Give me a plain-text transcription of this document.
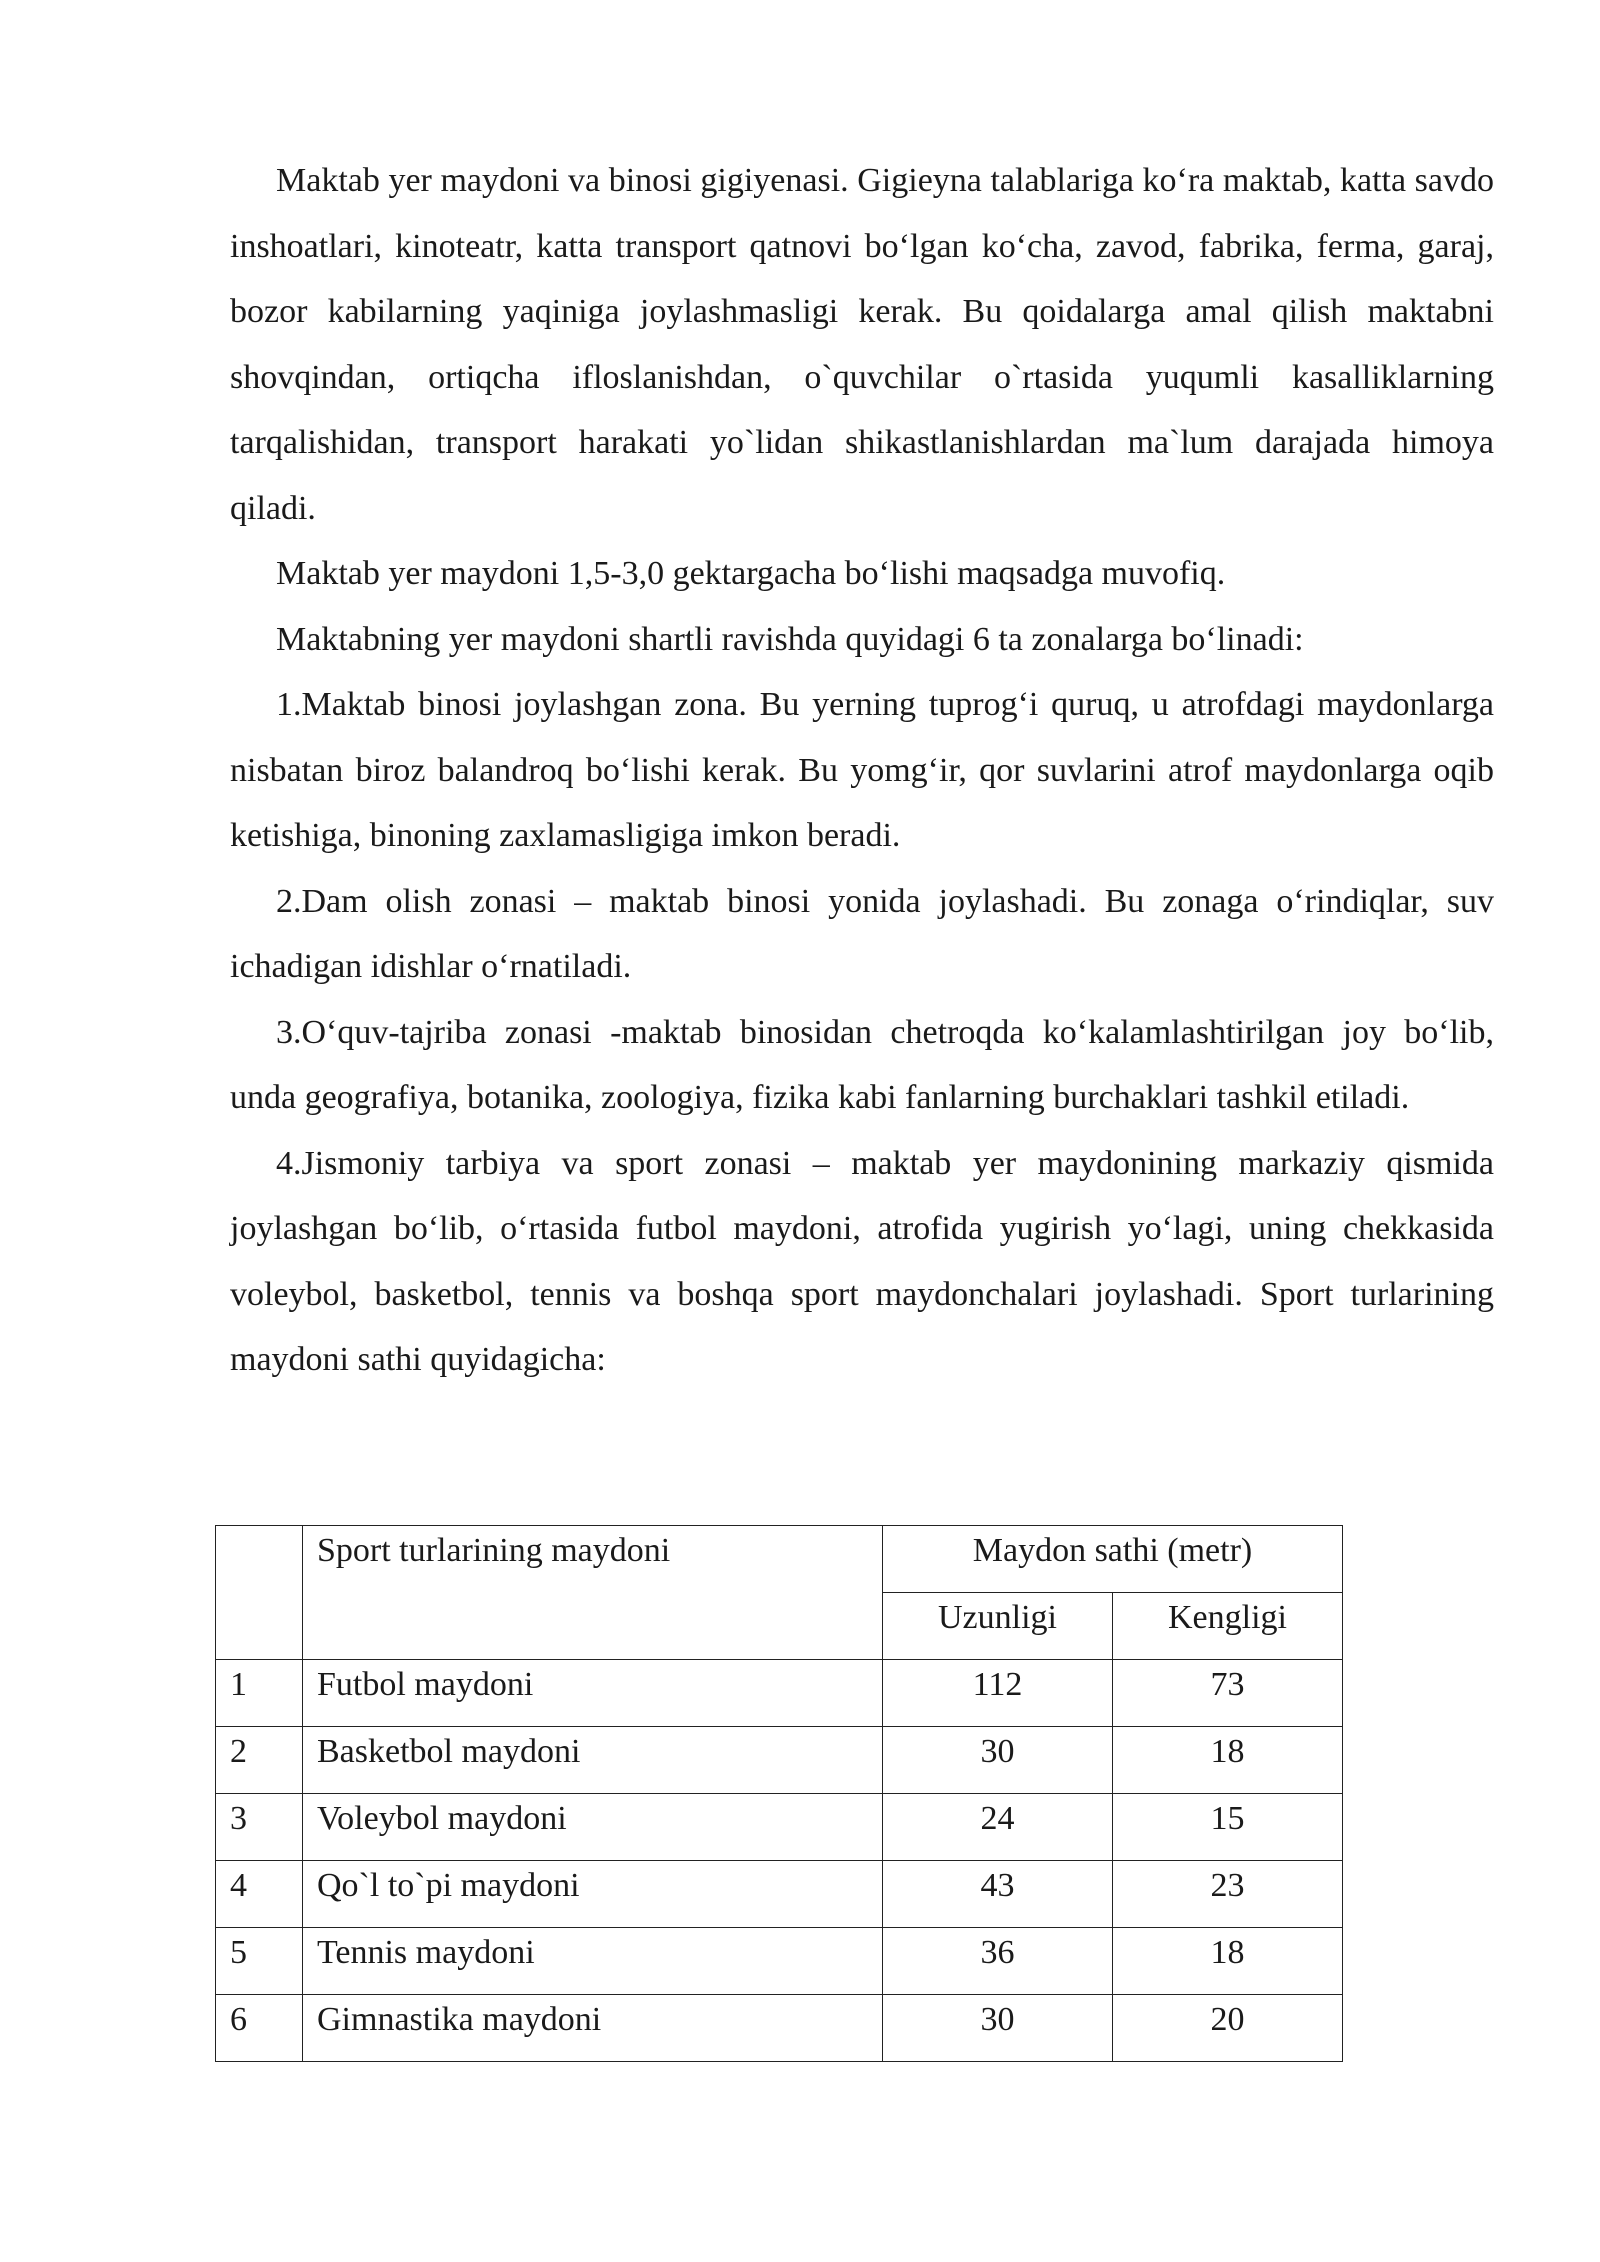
Maktab yer maydoni va binosi gigiyenasi. Gigieyna talablariga ko‘ra maktab, katta savdo inshoatlari, kinoteatr, katta transport qatnovi bo‘lgan ko‘cha, zavod, fabrika, ferma, garaj, bozor kabilarning yaqiniga joylashmasligi kerak. Bu qoidalarga amal qilish maktabni shovqindan, ortiqcha ifloslanishdan, o`quvchilar o`rtasida yuqumli kasalliklarning tarqalishidan, transport harakati yo`lidan shikastlanishlardan ma`lum darajada himoya qiladi.

Maktab yer maydoni 1,5-3,0 gektargacha bo‘lishi maqsadga muvofiq.

Maktabning yer maydoni shartli ravishda quyidagi 6 ta zonalarga bo‘linadi:

1.Maktab binosi joylashgan zona. Bu yerning tuprog‘i quruq, u atrofdagi maydonlarga nisbatan biroz balandroq bo‘lishi kerak. Bu yomg‘ir, qor suvlarini atrof maydonlarga oqib ketishiga, binoning zaxlamasligiga imkon beradi.

2.Dam olish zonasi – maktab binosi yonida joylashadi. Bu zonaga o‘rindiqlar, suv ichadigan idishlar o‘rnatiladi.

3.O‘quv-tajriba zonasi -maktab binosidan chetroqda ko‘kalamlashtirilgan joy bo‘lib, unda geografiya, botanika, zoologiya, fizika kabi fanlarning burchaklari tashkil etiladi.

4.Jismoniy tarbiya va sport zonasi – maktab yer maydonining markaziy qismida joylashgan bo‘lib, o‘rtasida futbol maydoni, atrofida yugirish yo‘lagi, uning chekkasida voleybol, basketbol, tennis va boshqa sport maydonchalari joylashadi. Sport turlarining maydoni sathi quyidagicha:

	Sport turlarining maydoni	Maydon sathi (metr)	
		Uzunligi	Kengligi
1	Futbol maydoni	112	73
2	Basketbol maydoni	30	18
3	Voleybol maydoni	24	15
4	Qo`l to`pi maydoni	43	23
5	Tennis maydoni	36	18
6	Gimnastika maydoni	30	20
